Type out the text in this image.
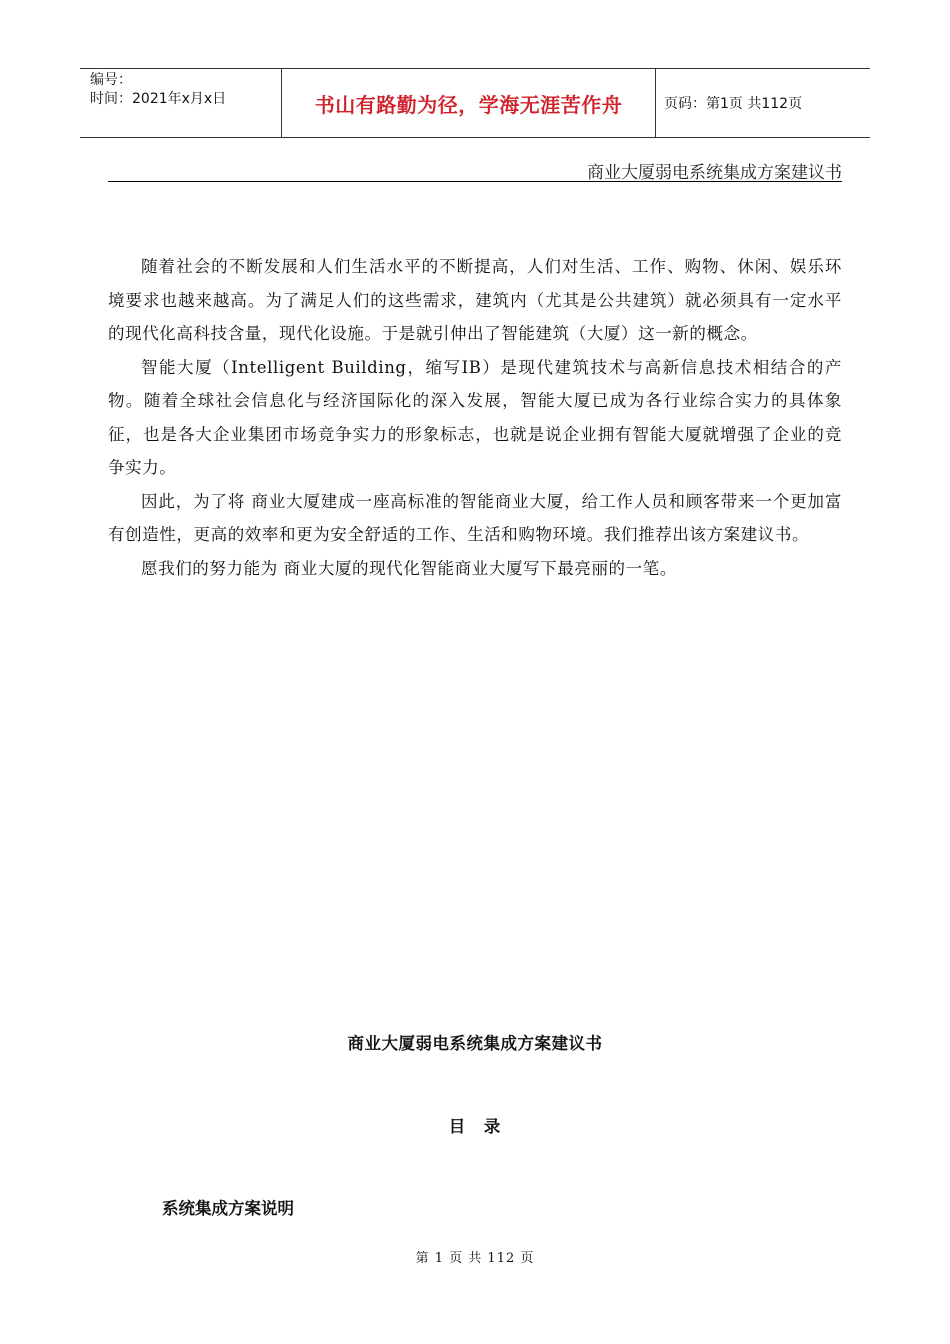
编号：
时间：2021年x月x日	书山有路勤为径，学海无涯苦作舟	页码：第1页 共112页
商业大厦弱电系统集成方案建议书

随着社会的不断发展和人们生活水平的不断提高，人们对生活、工作、购物、休闲、娱乐环境要求也越来越高。为了满足人们的这些需求，建筑内（尤其是公共建筑）就必须具有一定水平的现代化高科技含量，现代化设施。于是就引伸出了智能建筑（大厦）这一新的概念。

智能大厦（Intelligent Building，缩写IB）是现代建筑技术与高新信息技术相结合的产物。随着全球社会信息化与经济国际化的深入发展，智能大厦已成为各行业综合实力的具体象征，也是各大企业集团市场竞争实力的形象标志，也就是说企业拥有智能大厦就增强了企业的竞争实力。

因此，为了将 商业大厦建成一座高标准的智能商业大厦，给工作人员和顾客带来一个更加富有创造性，更高的效率和更为安全舒适的工作、生活和购物环境。我们推荐出该方案建议书。

愿我们的努力能为 商业大厦的现代化智能商业大厦写下最亮丽的一笔。

商业大厦弱电系统集成方案建议书
目　录
系统集成方案说明
第 1 页 共 112 页
